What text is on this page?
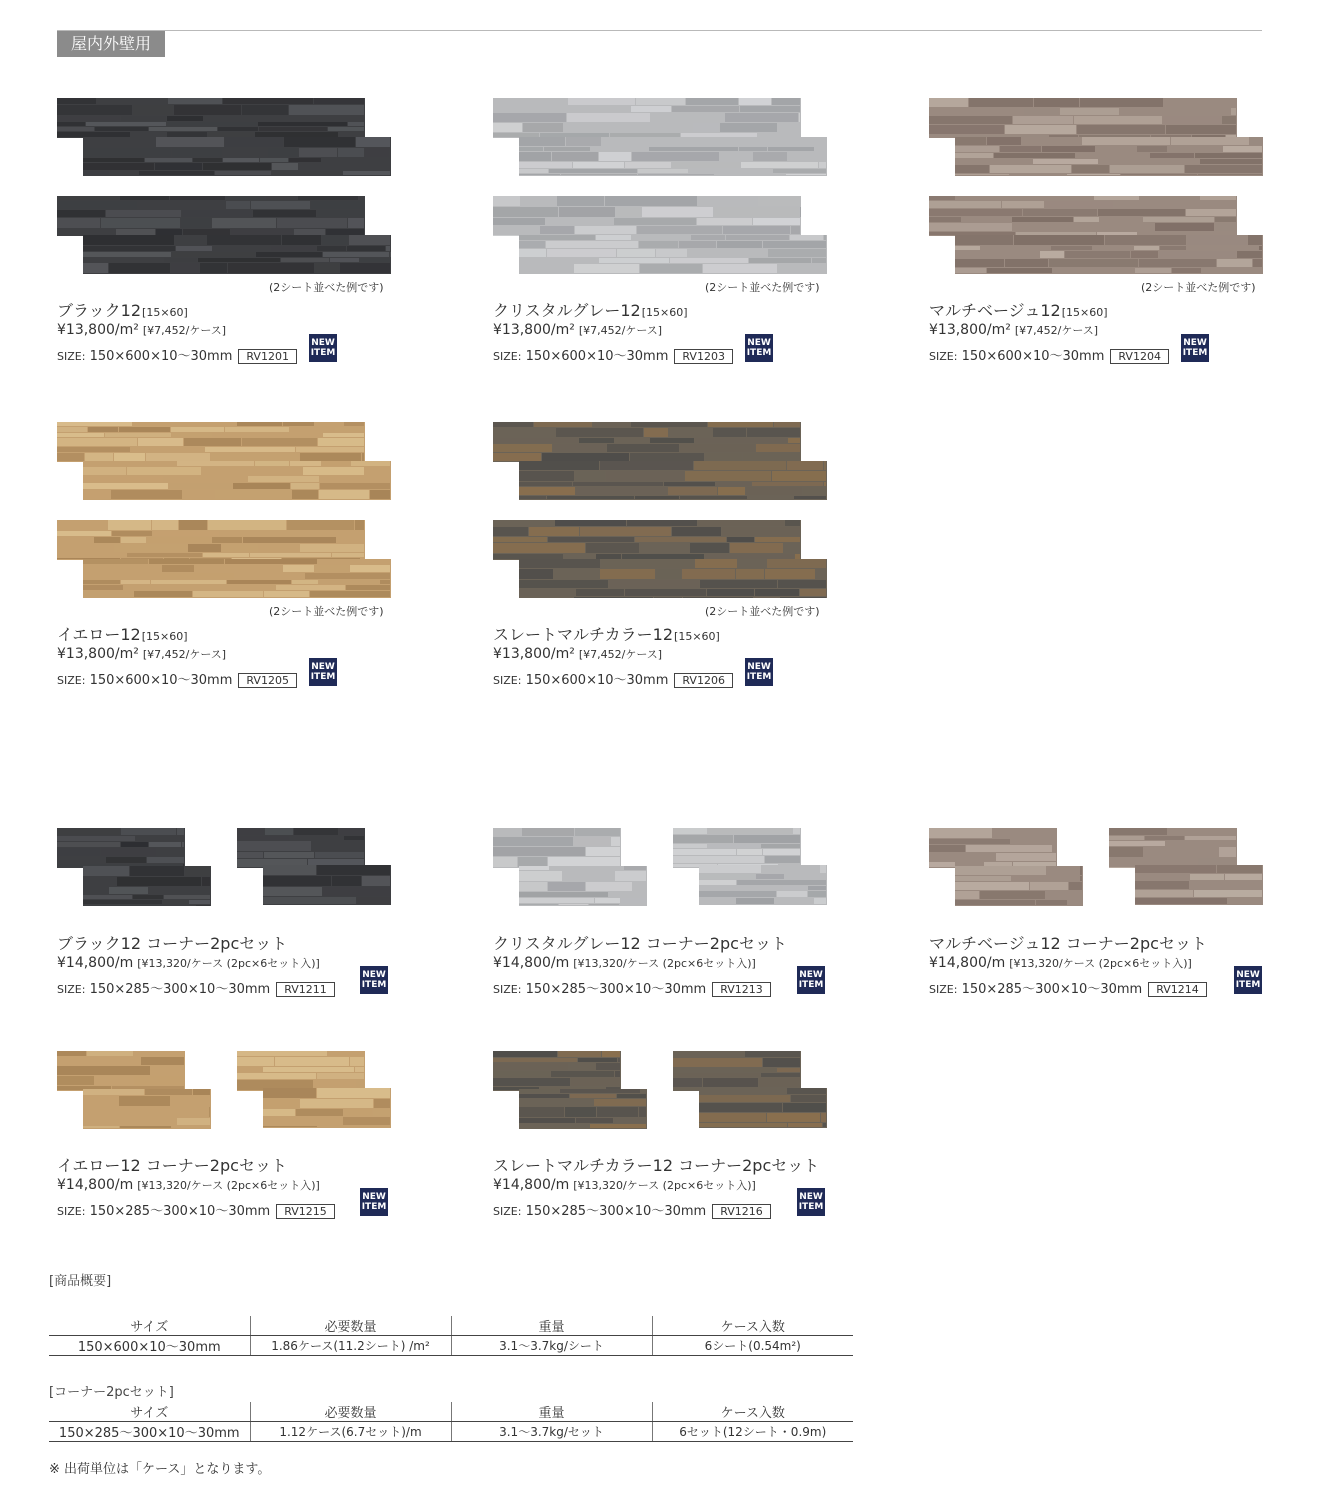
屋内外壁用
(2シート並べた例です)
ブラック12[15×60]
¥13,800/m² [¥7,452/ケース]
SIZE: 150×600×10〜30mm RV1201
NEW
ITEM
(2シート並べた例です)
クリスタルグレー12[15×60]
¥13,800/m² [¥7,452/ケース]
SIZE: 150×600×10〜30mm RV1203
NEW
ITEM
(2シート並べた例です)
マルチベージュ12[15×60]
¥13,800/m² [¥7,452/ケース]
SIZE: 150×600×10〜30mm RV1204
NEW
ITEM
(2シート並べた例です)
イエロー12[15×60]
¥13,800/m² [¥7,452/ケース]
SIZE: 150×600×10〜30mm RV1205
NEW
ITEM
(2シート並べた例です)
スレートマルチカラー12[15×60]
¥13,800/m² [¥7,452/ケース]
SIZE: 150×600×10〜30mm RV1206
NEW
ITEM
ブラック12 コーナー2pcセット
¥14,800/m [¥13,320/ケース (2pc×6セット入)]
SIZE: 150×285〜300×10〜30mm RV1211
NEW
ITEM
クリスタルグレー12 コーナー2pcセット
¥14,800/m [¥13,320/ケース (2pc×6セット入)]
SIZE: 150×285〜300×10〜30mm RV1213
NEW
ITEM
マルチベージュ12 コーナー2pcセット
¥14,800/m [¥13,320/ケース (2pc×6セット入)]
SIZE: 150×285〜300×10〜30mm RV1214
NEW
ITEM
イエロー12 コーナー2pcセット
¥14,800/m [¥13,320/ケース (2pc×6セット入)]
SIZE: 150×285〜300×10〜30mm RV1215
NEW
ITEM
スレートマルチカラー12 コーナー2pcセット
¥14,800/m [¥13,320/ケース (2pc×6セット入)]
SIZE: 150×285〜300×10〜30mm RV1216
NEW
ITEM
[商品概要]
サイズ	必要数量	重量	ケース入数
150×600×10〜30mm	1.86ケース(11.2シート) /m²	3.1〜3.7kg/シート	6シート(0.54m²)
[コーナー2pcセット]
サイズ	必要数量	重量	ケース入数
150×285〜300×10〜30mm	1.12ケース(6.7セット)/m	3.1〜3.7kg/セット	6セット(12シート・0.9m)
※ 出荷単位は「ケース」となります。
